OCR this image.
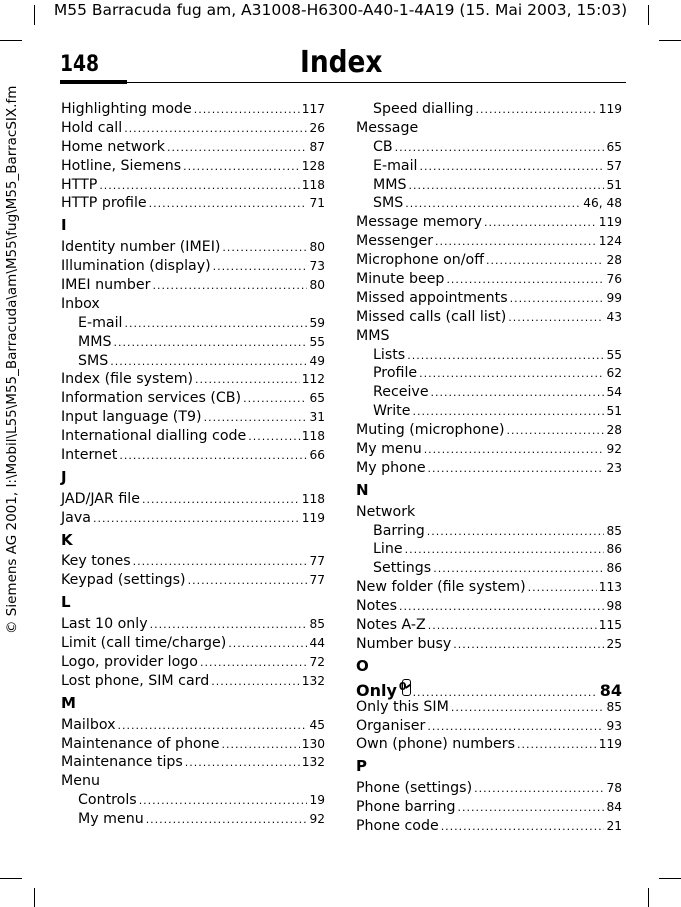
M55 Barracuda fug am, A31008-H6300-A40-1-4A19 (15. Mai 2003, 15:03)
© Siemens AG 2001, I:\Mobil\L55\M55_Barracuda\am\M55\fug\M55_BarracSIX.fm
148	Index
Highlighting mode .....	117
Hold call .....	26
Home network .....	87
Hotline, Siemens .....	128
HTTP .....	118
HTTP profile .....	71
I
Identity number (IMEI) .....	80
Illumination (display) .....	73
IMEI number .....	80
Inbox
E-mail .....	59
MMS .....	55
SMS .....	49
Index (file system) .....	112
Information services (CB) .....	65
Input language (T9) .....	31
International dialling code .....	118
Internet .....	66
J
JAD/JAR file .....	118
Java .....	119
K
Key tones .....	77
Keypad (settings) .....	77
L
Last 10 only .....	85
Limit (call time/charge) .....	44
Logo, provider logo .....	72
Lost phone, SIM card .....	132
M
Mailbox .....	45
Maintenance of phone .....	130
Maintenance tips .....	132
Menu
Controls .....	19
My menu .....	92
Speed dialling .....	119
Message
CB .....	65
E-mail .....	57
MMS .....	51
SMS .....	46, 48
Message memory .....	119
Messenger .....	124
Microphone on/off .....	28
Minute beep .....	76
Missed appointments .....	99
Missed calls (call list) .....	43
MMS
Lists .....	55
Profile .....	62
Receive .....	54
Write .....	51
Muting (microphone) .....	28
My menu .....	92
My phone .....	23
N
Network
Barring .....	85
Line .....	86
Settings .....	86
New folder (file system) .....	113
Notes .....	98
Notes A-Z .....	115
Number busy .....	25
O
Only 0 .....	84
Only this SIM .....	85
Organiser .....	93
Own (phone) numbers .....	119
P
Phone (settings) .....	78
Phone barring .....	84
Phone code .....	21
